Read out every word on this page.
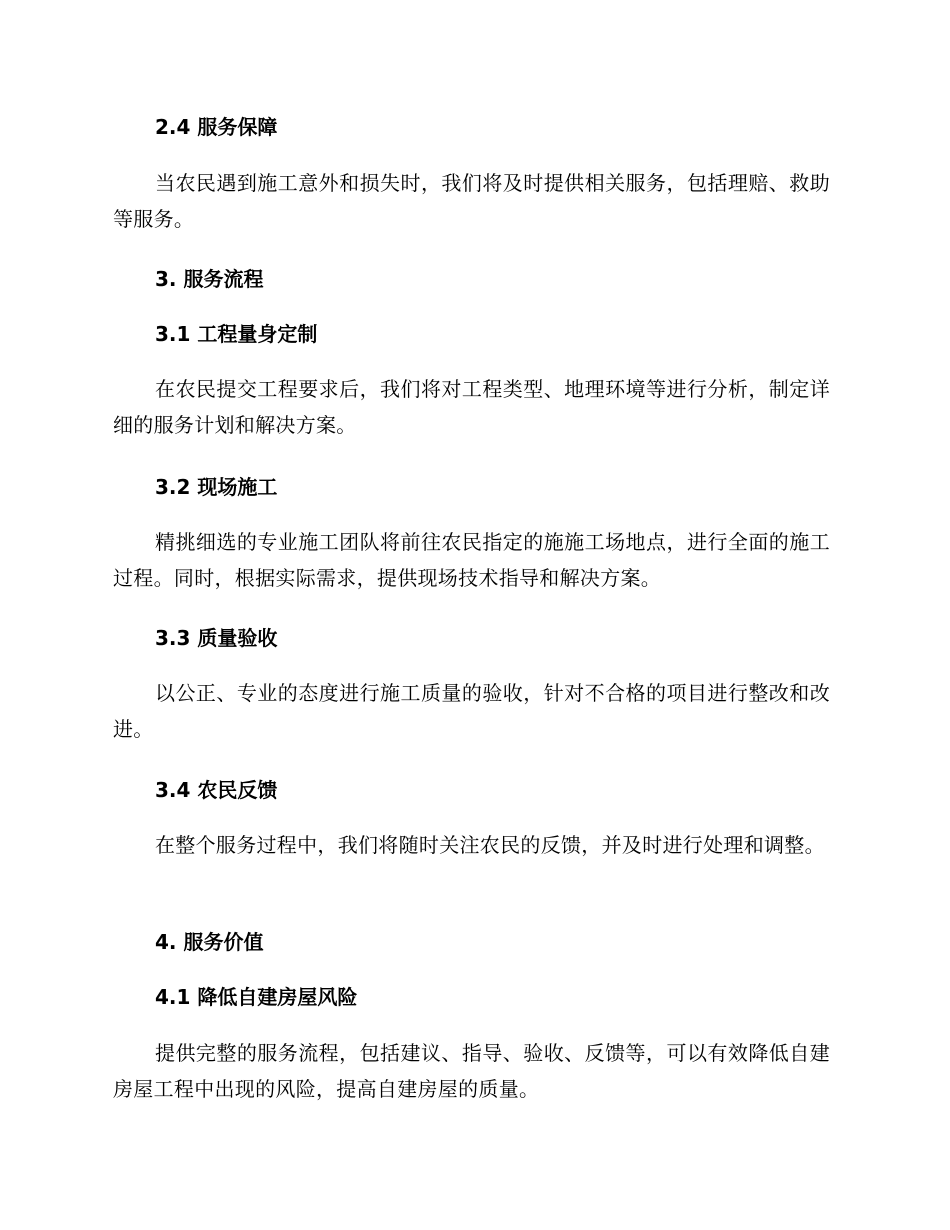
2.4 服务保障

当农民遇到施工意外和损失时，我们将及时提供相关服务，包括理赔、救助等服务。

3. 服务流程
3.1 工程量身定制

在农民提交工程要求后，我们将对工程类型、地理环境等进行分析，制定详细的服务计划和解决方案。

3.2 现场施工

精挑细选的专业施工团队将前往农民指定的施施工场地点，进行全面的施工过程。同时，根据实际需求，提供现场技术指导和解决方案。

3.3 质量验收

以公正、专业的态度进行施工质量的验收，针对不合格的项目进行整改和改进。

3.4 农民反馈

在整个服务过程中，我们将随时关注农民的反馈，并及时进行处理和调整。

4. 服务价值
4.1 降低自建房屋风险

提供完整的服务流程，包括建议、指导、验收、反馈等，可以有效降低自建房屋工程中出现的风险，提高自建房屋的质量。
